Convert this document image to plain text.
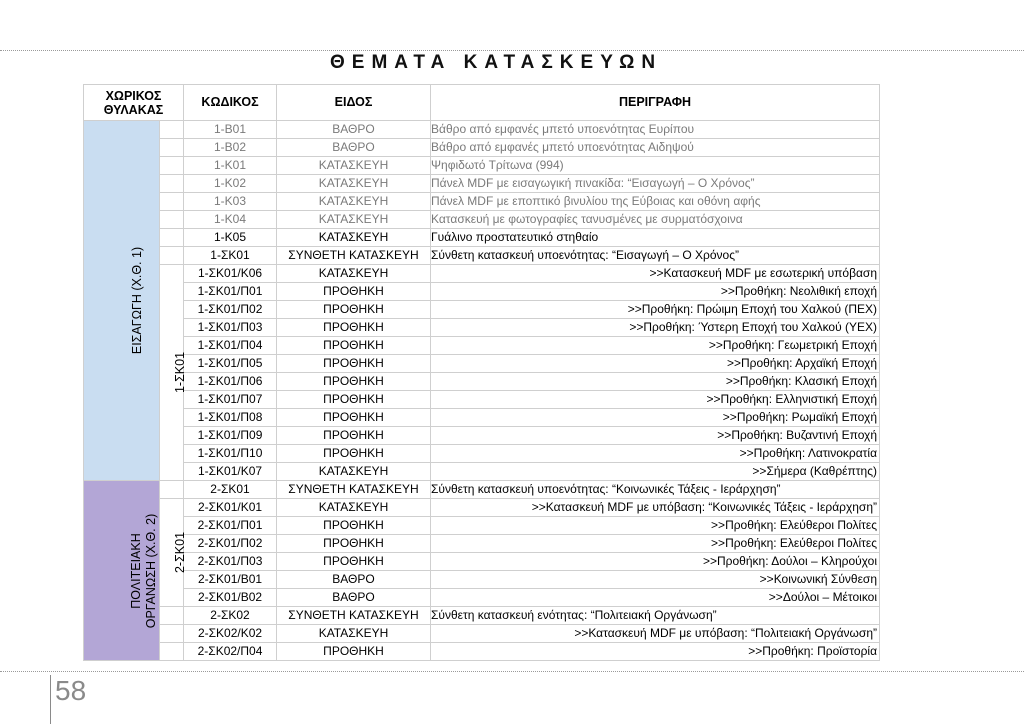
ΘΕΜΑΤΑ ΚΑΤΑΣΚΕΥΩΝ
ΧΩΡΙΚΟΣ ΘΥΛΑΚΑΣ		ΚΩΔΙΚΟΣ	ΕΙΔΟΣ	ΠΕΡΙΓΡΑΦΗ
ΕΙΣΑΓΩΓΗ (Χ.Θ. 1)		1-Β01	ΒΑΘΡΟ	Βάθρο από εμφανές μπετό υποενότητας Ευρίπου
		1-Β02	ΒΑΘΡΟ	Βάθρο από εμφανές μπετό υποενότητας Αιδηψού
		1-Κ01	ΚΑΤΑΣΚΕΥΗ	Ψηφιδωτό Τρίτωνα (994)
		1-Κ02	ΚΑΤΑΣΚΕΥΗ	Πάνελ MDF με εισαγωγική πινακίδα: “Εισαγωγή – Ο Χρόνος”
		1-Κ03	ΚΑΤΑΣΚΕΥΗ	Πάνελ MDF με εποπτικό βινυλίου της Εύβοιας και οθόνη αφής
		1-Κ04	ΚΑΤΑΣΚΕΥΗ	Κατασκευή με φωτογραφίες τανυσμένες με συρματόσχοινα
		1-Κ05	ΚΑΤΑΣΚΕΥΗ	Γυάλινο προστατευτικό στηθαίο
		1-ΣΚ01	ΣΥΝΘΕΤΗ ΚΑΤΑΣΚΕΥΗ	Σύνθετη κατασκευή υποενότητας: “Εισαγωγή – Ο Χρόνος”
	1-ΣΚ01	1-ΣΚ01/Κ06	ΚΑΤΑΣΚΕΥΗ	>>Κατασκευή MDF με εσωτερική υπόβαση
		1-ΣΚ01/Π01	ΠΡΟΘΗΚΗ	>>Προθήκη: Νεολιθική εποχή
		1-ΣΚ01/Π02	ΠΡΟΘΗΚΗ	>>Προθήκη: Πρώιμη Εποχή του Χαλκού (ΠΕΧ)
		1-ΣΚ01/Π03	ΠΡΟΘΗΚΗ	>>Προθήκη: Ύστερη Εποχή του Χαλκού (ΥΕΧ)
		1-ΣΚ01/Π04	ΠΡΟΘΗΚΗ	>>Προθήκη: Γεωμετρική Εποχή
		1-ΣΚ01/Π05	ΠΡΟΘΗΚΗ	>>Προθήκη: Αρχαϊκή Εποχή
		1-ΣΚ01/Π06	ΠΡΟΘΗΚΗ	>>Προθήκη: Κλασική Εποχή
		1-ΣΚ01/Π07	ΠΡΟΘΗΚΗ	>>Προθήκη: Ελληνιστική Εποχή
		1-ΣΚ01/Π08	ΠΡΟΘΗΚΗ	>>Προθήκη: Ρωμαϊκή Εποχή
		1-ΣΚ01/Π09	ΠΡΟΘΗΚΗ	>>Προθήκη: Βυζαντινή Εποχή
		1-ΣΚ01/Π10	ΠΡΟΘΗΚΗ	>>Προθήκη: Λατινοκρατία
		1-ΣΚ01/Κ07	ΚΑΤΑΣΚΕΥΗ	>>Σήμερα (Καθρέπτης)
ΠΟΛΙΤΕΙΑΚΗ ΟΡΓΑΝΩΣΗ (Χ.Θ. 2)		2-ΣΚ01	ΣΥΝΘΕΤΗ ΚΑΤΑΣΚΕΥΗ	Σύνθετη κατασκευή υποενότητας: “Κοινωνικές Τάξεις - Ιεράρχηση”
	2-ΣΚ01	2-ΣΚ01/Κ01	ΚΑΤΑΣΚΕΥΗ	>>Κατασκευή MDF με υπόβαση: “Κοινωνικές Τάξεις - Ιεράρχηση”
		2-ΣΚ01/Π01	ΠΡΟΘΗΚΗ	>>Προθήκη: Ελεύθεροι Πολίτες
		2-ΣΚ01/Π02	ΠΡΟΘΗΚΗ	>>Προθήκη: Ελεύθεροι Πολίτες
		2-ΣΚ01/Π03	ΠΡΟΘΗΚΗ	>>Προθήκη: Δούλοι – Κληρούχοι
		2-ΣΚ01/Β01	ΒΑΘΡΟ	>>Κοινωνική Σύνθεση
		2-ΣΚ01/Β02	ΒΑΘΡΟ	>>Δούλοι – Μέτοικοι
		2-ΣΚ02	ΣΥΝΘΕΤΗ ΚΑΤΑΣΚΕΥΗ	Σύνθετη κατασκευή ενότητας: “Πολιτειακή Οργάνωση”
		2-ΣΚ02/Κ02	ΚΑΤΑΣΚΕΥΗ	>>Κατασκευή MDF με υπόβαση: “Πολιτειακή Οργάνωση”
		2-ΣΚ02/Π04	ΠΡΟΘΗΚΗ	>>Προθήκη: Προϊστορία
58
